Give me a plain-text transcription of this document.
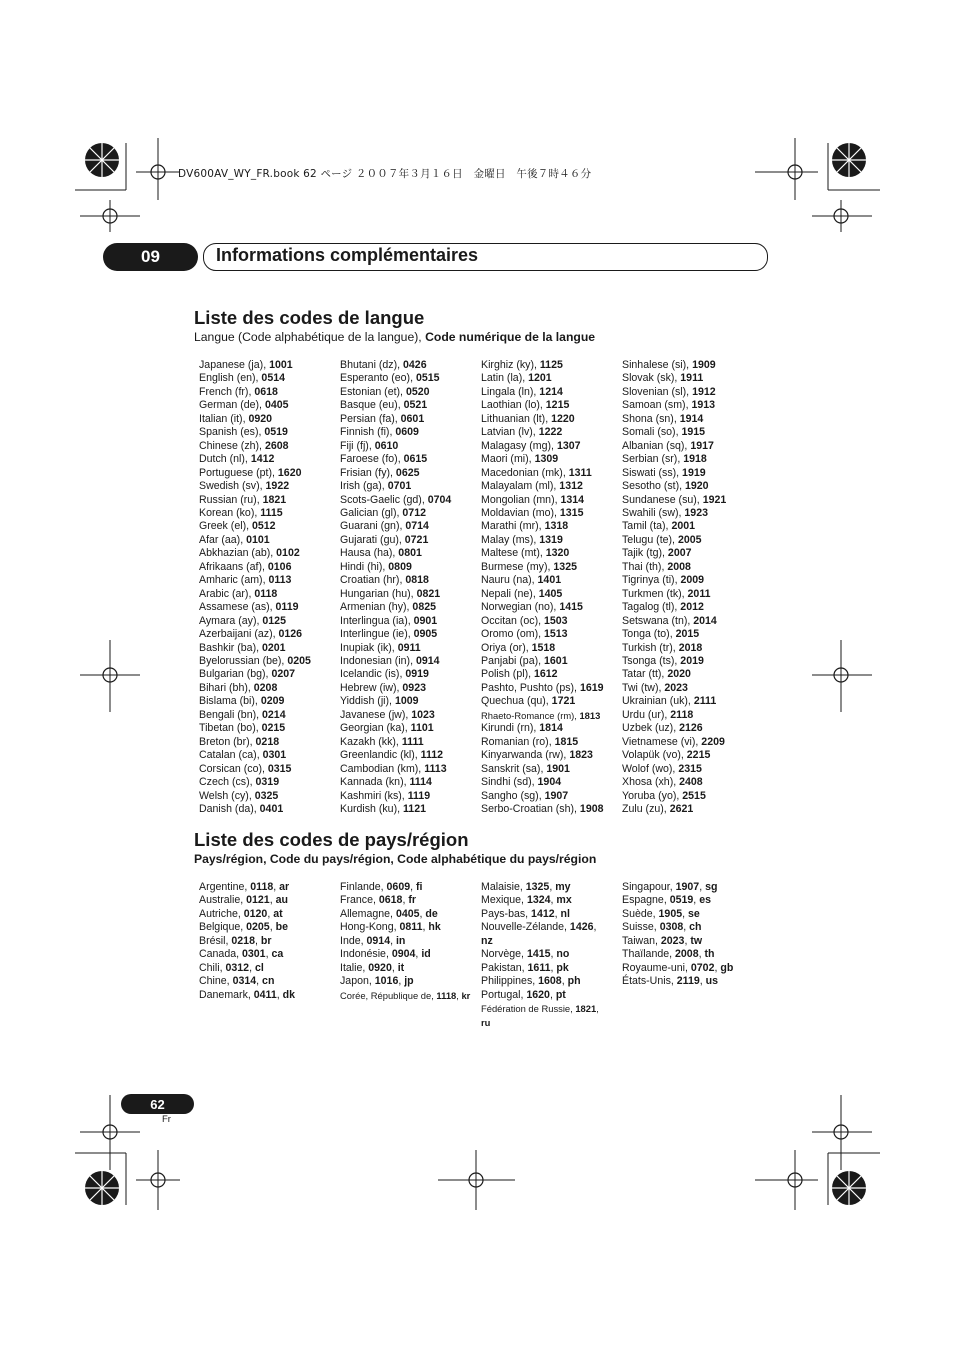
DV600AV_WY_FR.book 62 ページ ２００７年３月１６日　金曜日　午後７時４６分
09	Informations complémentaires
Liste des codes de langue
Langue (Code alphabétique de la langue), Code numérique de la langue
Japanese (ja), 1001
English (en), 0514
French (fr), 0618
German (de), 0405
Italian (it), 0920
Spanish (es), 0519
Chinese (zh), 2608
Dutch (nl), 1412
Portuguese (pt), 1620
Swedish (sv), 1922
Russian (ru), 1821
Korean (ko), 1115
Greek (el), 0512
Afar (aa), 0101
Abkhazian (ab), 0102
Afrikaans (af), 0106
Amharic (am), 0113
Arabic (ar), 0118
Assamese (as), 0119
Aymara (ay), 0125
Azerbaijani (az), 0126
Bashkir (ba), 0201
Byelorussian (be), 0205
Bulgarian (bg), 0207
Bihari (bh), 0208
Bislama (bi), 0209
Bengali (bn), 0214
Tibetan (bo), 0215
Breton (br), 0218
Catalan (ca), 0301
Corsican (co), 0315
Czech (cs), 0319
Welsh (cy), 0325
Danish (da), 0401
Bhutani (dz), 0426
Esperanto (eo), 0515
Estonian (et), 0520
Basque (eu), 0521
Persian (fa), 0601
Finnish (fi), 0609
Fiji (fj), 0610
Faroese (fo), 0615
Frisian (fy), 0625
Irish (ga), 0701
Scots-Gaelic (gd), 0704
Galician (gl), 0712
Guarani (gn), 0714
Gujarati (gu), 0721
Hausa (ha), 0801
Hindi (hi), 0809
Croatian (hr), 0818
Hungarian (hu), 0821
Armenian (hy), 0825
Interlingua (ia), 0901
Interlingue (ie), 0905
Inupiak (ik), 0911
Indonesian (in), 0914
Icelandic (is), 0919
Hebrew (iw), 0923
Yiddish (ji), 1009
Javanese (jw), 1023
Georgian (ka), 1101
Kazakh (kk), 1111
Greenlandic (kl), 1112
Cambodian (km), 1113
Kannada (kn), 1114
Kashmiri (ks), 1119
Kurdish (ku), 1121
Kirghiz (ky), 1125
Latin (la), 1201
Lingala (ln), 1214
Laothian (lo), 1215
Lithuanian (lt), 1220
Latvian (lv), 1222
Malagasy (mg), 1307
Maori (mi), 1309
Macedonian (mk), 1311
Malayalam (ml), 1312
Mongolian (mn), 1314
Moldavian (mo), 1315
Marathi (mr), 1318
Malay (ms), 1319
Maltese (mt), 1320
Burmese (my), 1325
Nauru (na), 1401
Nepali (ne), 1405
Norwegian (no), 1415
Occitan (oc), 1503
Oromo (om), 1513
Oriya (or), 1518
Panjabi (pa), 1601
Polish (pl), 1612
Pashto, Pushto (ps), 1619
Quechua (qu), 1721
Rhaeto-Romance (rm), 1813
Kirundi (rn), 1814
Romanian (ro), 1815
Kinyarwanda (rw), 1823
Sanskrit (sa), 1901
Sindhi (sd), 1904
Sangho (sg), 1907
Serbo-Croatian (sh), 1908
Sinhalese (si), 1909
Slovak (sk), 1911
Slovenian (sl), 1912
Samoan (sm), 1913
Shona (sn), 1914
Somali (so), 1915
Albanian (sq), 1917
Serbian (sr), 1918
Siswati (ss), 1919
Sesotho (st), 1920
Sundanese (su), 1921
Swahili (sw), 1923
Tamil (ta), 2001
Telugu (te), 2005
Tajik (tg), 2007
Thai (th), 2008
Tigrinya (ti), 2009
Turkmen (tk), 2011
Tagalog (tl), 2012
Setswana (tn), 2014
Tonga (to), 2015
Turkish (tr), 2018
Tsonga (ts), 2019
Tatar (tt), 2020
Twi (tw), 2023
Ukrainian (uk), 2111
Urdu (ur), 2118
Uzbek (uz), 2126
Vietnamese (vi), 2209
Volapük (vo), 2215
Wolof (wo), 2315
Xhosa (xh), 2408
Yoruba (yo), 2515
Zulu (zu), 2621
Liste des codes de pays/région
Pays/région, Code du pays/région, Code alphabétique du pays/région
Argentine, 0118, ar
Australie, 0121, au
Autriche, 0120, at
Belgique, 0205, be
Brésil, 0218, br
Canada, 0301, ca
Chili, 0312, cl
Chine, 0314, cn
Danemark, 0411, dk
Finlande, 0609, fi
France, 0618, fr
Allemagne, 0405, de
Hong-Kong, 0811, hk
Inde, 0914, in
Indonésie, 0904, id
Italie, 0920, it
Japon, 1016, jp
Corée, République de, 1118, kr
Malaisie, 1325, my
Mexique, 1324, mx
Pays-bas, 1412, nl
Nouvelle-Zélande, 1426, nz
Norvège, 1415, no
Pakistan, 1611, pk
Philippines, 1608, ph
Portugal, 1620, pt
Fédération de Russie, 1821, ru
Singapour, 1907, sg
Espagne, 0519, es
Suède, 1905, se
Suisse, 0308, ch
Taiwan, 2023, tw
Thaïlande, 2008, th
Royaume-uni, 0702, gb
États-Unis, 2119, us
62
Fr
